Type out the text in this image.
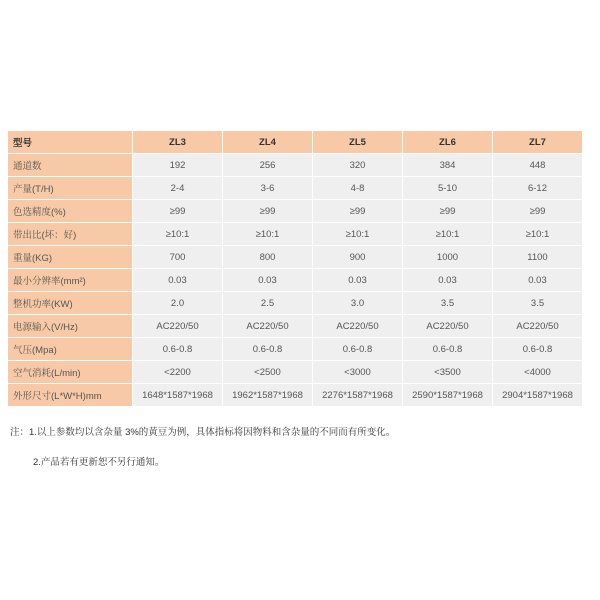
型号	ZL3	ZL4	ZL5	ZL6	ZL7
通道数	192	256	320	384	448
产量(T/H)	2-4	3-6	4-8	5-10	6-12
色选精度(%)	≥99	≥99	≥99	≥99	≥99
带出比(坏：好)	≥10:1	≥10:1	≥10:1	≥10:1	≥10:1
重量(KG)	700	800	900	1000	1100
最小分辨率(mm²)	0.03	0.03	0.03	0.03	0.03
整机功率(KW)	2.0	2.5	3.0	3.5	3.5
电源输入(V/Hz)	AC220/50	AC220/50	AC220/50	AC220/50	AC220/50
气压(Mpa)	0.6-0.8	0.6-0.8	0.6-0.8	0.6-0.8	0.6-0.8
空气消耗(L/min)	<2200	<2500	<3000	<3500	<4000
外形尺寸(L*W*H)mm	1648*1587*1968	1962*1587*1968	2276*1587*1968	2590*1587*1968	2904*1587*1968
注：1.以上参数均以含杂量 3%的黄豆为例，具体指标将因物料和含杂量的不同而有所变化。
2.产品若有更新恕不另行通知。
